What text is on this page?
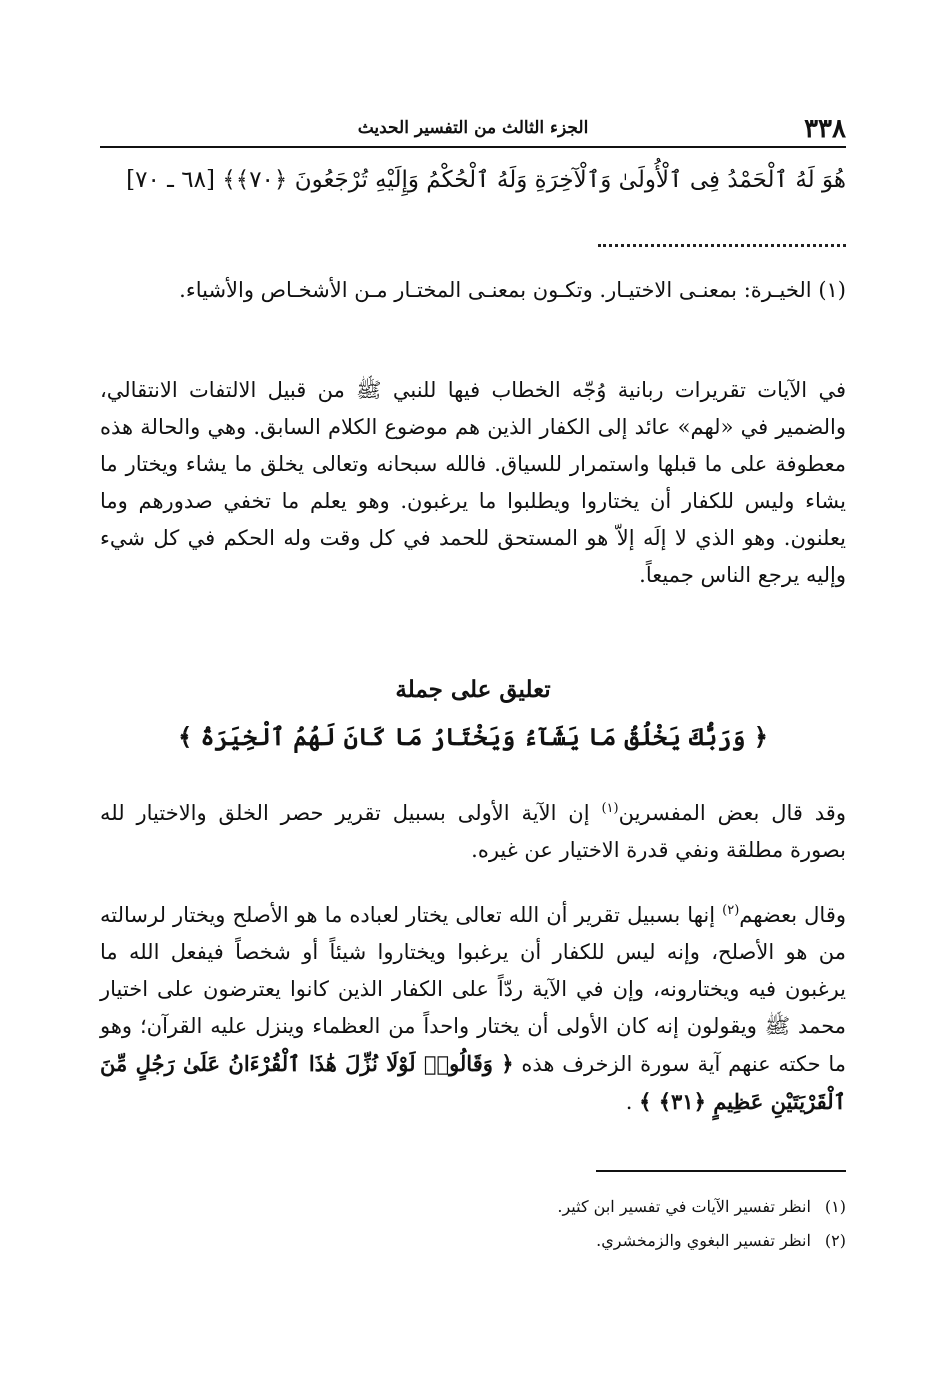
٣٣٨
الجزء الثالث من التفسير الحديث
هُوَ لَهُ ٱلْحَمْدُ فِى ٱلْأُولَىٰ وَٱلْآخِرَةِ وَلَهُ ٱلْحُكْمُ وَإِلَيْهِ تُرْجَعُونَ ﴿٧٠﴾﴾ [٦٨ ـ ٧٠]

(١) الخيـرة: بمعنـى الاختيـار. وتكـون بمعنـى المختـار مـن الأشخـاص والأشياء.

في الآيات تقريرات ربانية وُجّه الخطاب فيها للنبي ﷺ من قبيل الالتفات الانتقالي، والضمير في «لهم» عائد إلى الكفار الذين هم موضوع الكلام السابق. وهي والحالة هذه معطوفة على ما قبلها واستمرار للسياق. فالله سبحانه وتعالى يخلق ما يشاء ويختار ما يشاء وليس للكفار أن يختاروا ويطلبوا ما يرغبون. وهو يعلم ما تخفي صدورهم وما يعلنون. وهو الذي لا إلَه إلاّ هو المستحق للحمد في كل وقت وله الحكم في كل شيء وإليه يرجع الناس جميعاً.

تعليق على جملة
﴿ وَرَبُّكَ يَخْلُقُ مَا يَشَآءُ وَيَخْتَارُ مَا كَانَ لَهُمُ ٱلْخِيَرَةُ ﴾

وقد قال بعض المفسرين$^{(١)}$ إن الآية الأولى بسبيل تقرير حصر الخلق والاختيار لله بصورة مطلقة ونفي قدرة الاختيار عن غيره.

وقال بعضهم$^{(٢)}$ إنها بسبيل تقرير أن الله تعالى يختار لعباده ما هو الأصلح ويختار لرسالته من هو الأصلح، وإنه ليس للكفار أن يرغبوا ويختاروا شيئاً أو شخصاً فيفعل الله ما يرغبون فيه ويختارونه، وإن في الآية ردّاً على الكفار الذين كانوا يعترضون على اختيار محمد ﷺ ويقولون إنه كان الأولى أن يختار واحداً من العظماء وينزل عليه القرآن؛ وهو ما حكته عنهم آية سورة الزخرف هذه ﴿ وَقَالُوا۟ لَوْلَا نُزِّلَ هَٰذَا ٱلْقُرْءَانُ عَلَىٰ رَجُلٍ مِّنَ ٱلْقَرْيَتَيْنِ عَظِيمٍ ﴿٣١﴾ ﴾ .

(١)انظر تفسير الآيات في تفسير ابن كثير.
(٢)انظر تفسير البغوي والزمخشري.
